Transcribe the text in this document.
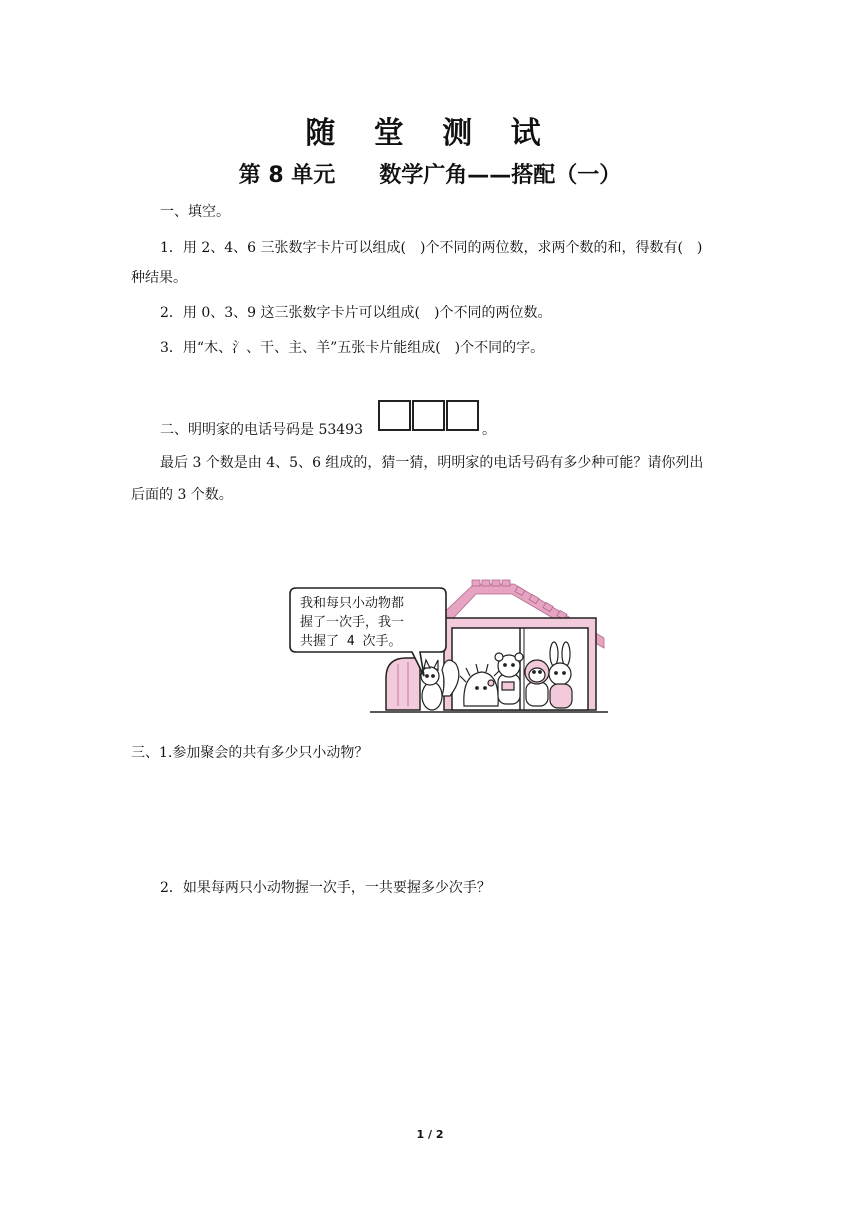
随 堂 测 试
第 8 单元　　数学广角——搭配（一）
一、填空。
1．用 2、4、6 三张数字卡片可以组成(　)个不同的两位数，求两个数的和，得数有(　)
种结果。
2．用 0、3、9 这三张数字卡片可以组成(　)个不同的两位数。
3．用“木、氵、干、主、羊”五张卡片能组成(　)个不同的字。
二、明明家的电话号码是 53493	。
最后 3 个数是由 4、5、6 组成的，猜一猜，明明家的电话号码有多少种可能？请你列出
后面的 3 个数。
我和每只小动物都
握了一次手，我一
共握了 4 次手。
三、1.参加聚会的共有多少只小动物？
2．如果每两只小动物握一次手，一共要握多少次手？
1 / 2
